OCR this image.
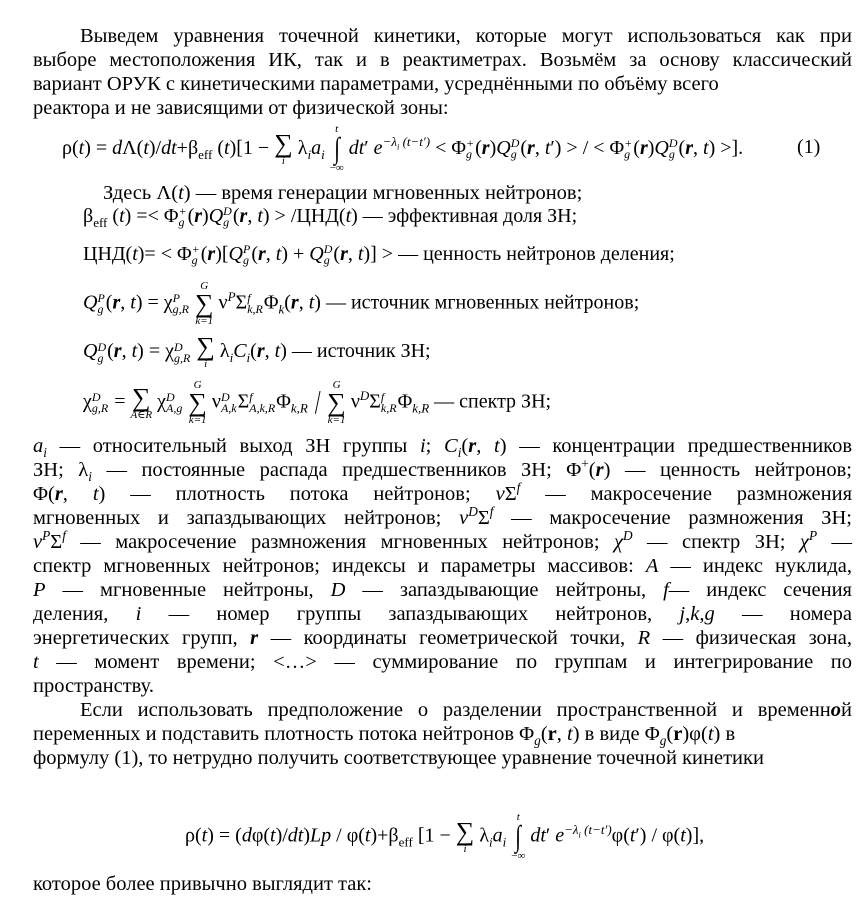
Выведем уравнения точечной кинетики, которые могут использоваться как при
выборе местоположения ИК, так и в реактиметрах. Возьмём за основу классический
вариант ОРУК с кинетическими параметрами, усреднёнными по объёму всего
реактора и не зависящими от физической зоны:
$\rho(t) = d\Lambda(t)/dt+\beta_{eff}$ (t)[1 − ∑
i
$\lambda_ia_i$
t
∫
−∞
dt′ $e^{-\lambda_i (t-t')} < \Phi$ +
g (r)Q D
g (r, t′) > / < Φ +
g (r)Q D
g (r, t) >].	(1)
Здесь Λ(t) — время генерации мгновенных нейтронов;
$\beta_{eff}$ (t) =< Φ +
g (r)Q D
g (r, t) > /ЦНД(t) — эффективная доля ЗН;
ЦНД(t)= < Φ +
g (r)[Q P
g (r, t) + Q D
g (r, t)] > — ценность нейтронов деления;
Q P
g (r, t) = χ P
g,R

G
∑
k=1
$\nu^P\Sigma$ f
k,R $\Phi_k(r$, t) — источник мгновенных нейтронов;
Q D
g (r, t) = χ D
g,R
∑
i
$\lambda_iC_i(r$, t) — источник ЗН;
χ D
g,R = ∑
A∈R
χ D
A,g

G
∑
k=1
ν D
A,k Σ f
A,k,R $\Phi_{k,R}$ /	G
∑
k=1
$\nu^D\Sigma$ f
k,R $\Phi_{k,R}$ — спектр ЗН;
$a_i$ — относительный выход ЗН группы i; $C_i(r$, t) — концентрации предшественников
ЗН; $\lambda_i$ — постоянные распада предшественников ЗН; Φ+(r) — ценность нейтронов;
Φ(r, t) — плотность потока нейтронов; $\nu\Sigma^f$ — макросечение размножения
мгновенных и запаздывающих нейтронов; $\nu^D\Sigma^f$ — макросечение размножения ЗН;
$\nu^P\Sigma^f$ — макросечение размножения мгновенных нейтронов; $\chi^D$ — спектр ЗН; $\chi^P$ —
спектр мгновенных нейтронов; индексы и параметры массивов: A — индекс нуклида,
P — мгновенные нейтроны, D — запаздывающие нейтроны, f— индекс сечения
деления, i — номер группы запаздывающих нейтронов, j,k,g — номера
энергетических групп, r — координаты геометрической точки, R — физическая зона,
t — момент времени; <…> — суммирование по группам и интегрирование по
пространству.
Если использовать предположение о разделении пространственной и временной
переменных и подставить плотность потока нейтронов $\Phi_g(r$, t) в виде $\Phi_g(r)\varphi(t)$ в
формулу (1), то нетрудно получить соответствующее уравнение точечной кинетики
$\rho(t) = (d\varphi(t)/dt)Lp / \varphi(t)+\beta_{eff}$ [1 − ∑
i
$\lambda_ia_i$
t
∫
−∞
dt′ $e^{-\lambda_i (t-t')}\varphi(t') / \varphi(t)$],
которое более привычно выглядит так:
